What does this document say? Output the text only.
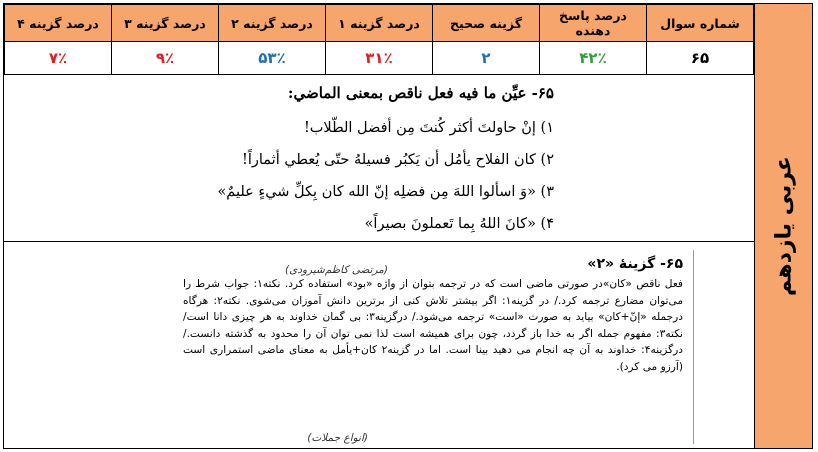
عربی یازدهم
شماره سوال	درصد پاسخ دهنده	گزینه صحیح	درصد گزینه ۱	درصد گزینه ۲	درصد گزینه ۳	درصد گزینه ۴
۶۵	۴۲٪	۲	۳۱٪	۵۳٪	۹٪	۷٪
۶۵- عيِّن ما فيه فعل ناقص بمعنى الماضي:
۱) إنْ حاولتَ أكثر كُنتَ مِن أفضل الطّلاب!
۲) كان الفلاح يأمُل أن يَكبُر فسيلهُ حتّى يُعطي أثماراً!
۳) «وَ اسألوا اللهَ مِن فضلِه إنّ الله كان بِكلِّ شيءٍ عليمٌ»
۴) «كانَ اللهُ بِما تَعملونَ بصيراً»
۶۵- گزينهٔ «۲»
(مرتضی کاظم‌شیرودی)
فعل ناقص «کان»در صورتی ماضی است که در ترجمه بتوان از واژه «بود» استفاده کرد. نکته۱: جواب شرط را می‌توان مضارع ترجمه کرد./ در گزینه۱: اگر بیشتر تلاش کنی از برترین دانش آموزان می‌شوی. نکته۲: هرگاه درجمله «إنّ+کان» بیاید به صورت «است» ترجمه می‌شود./ درگزینه۳: بی گمان خداوند به هر چیزی دانا است/ نکته۳: مفهوم جمله اگر به خدا باز گردد، چون برای همیشه است لذا نمی توان آن را محدود به گذشته دانست./ درگزینه۴: خداوند به آن چه انجام می دهید بینا است. اما در گزینه۲ کان+یأمل به معنای ماضی استمراری است (آرزو می کرد).
(انواع جملات)
